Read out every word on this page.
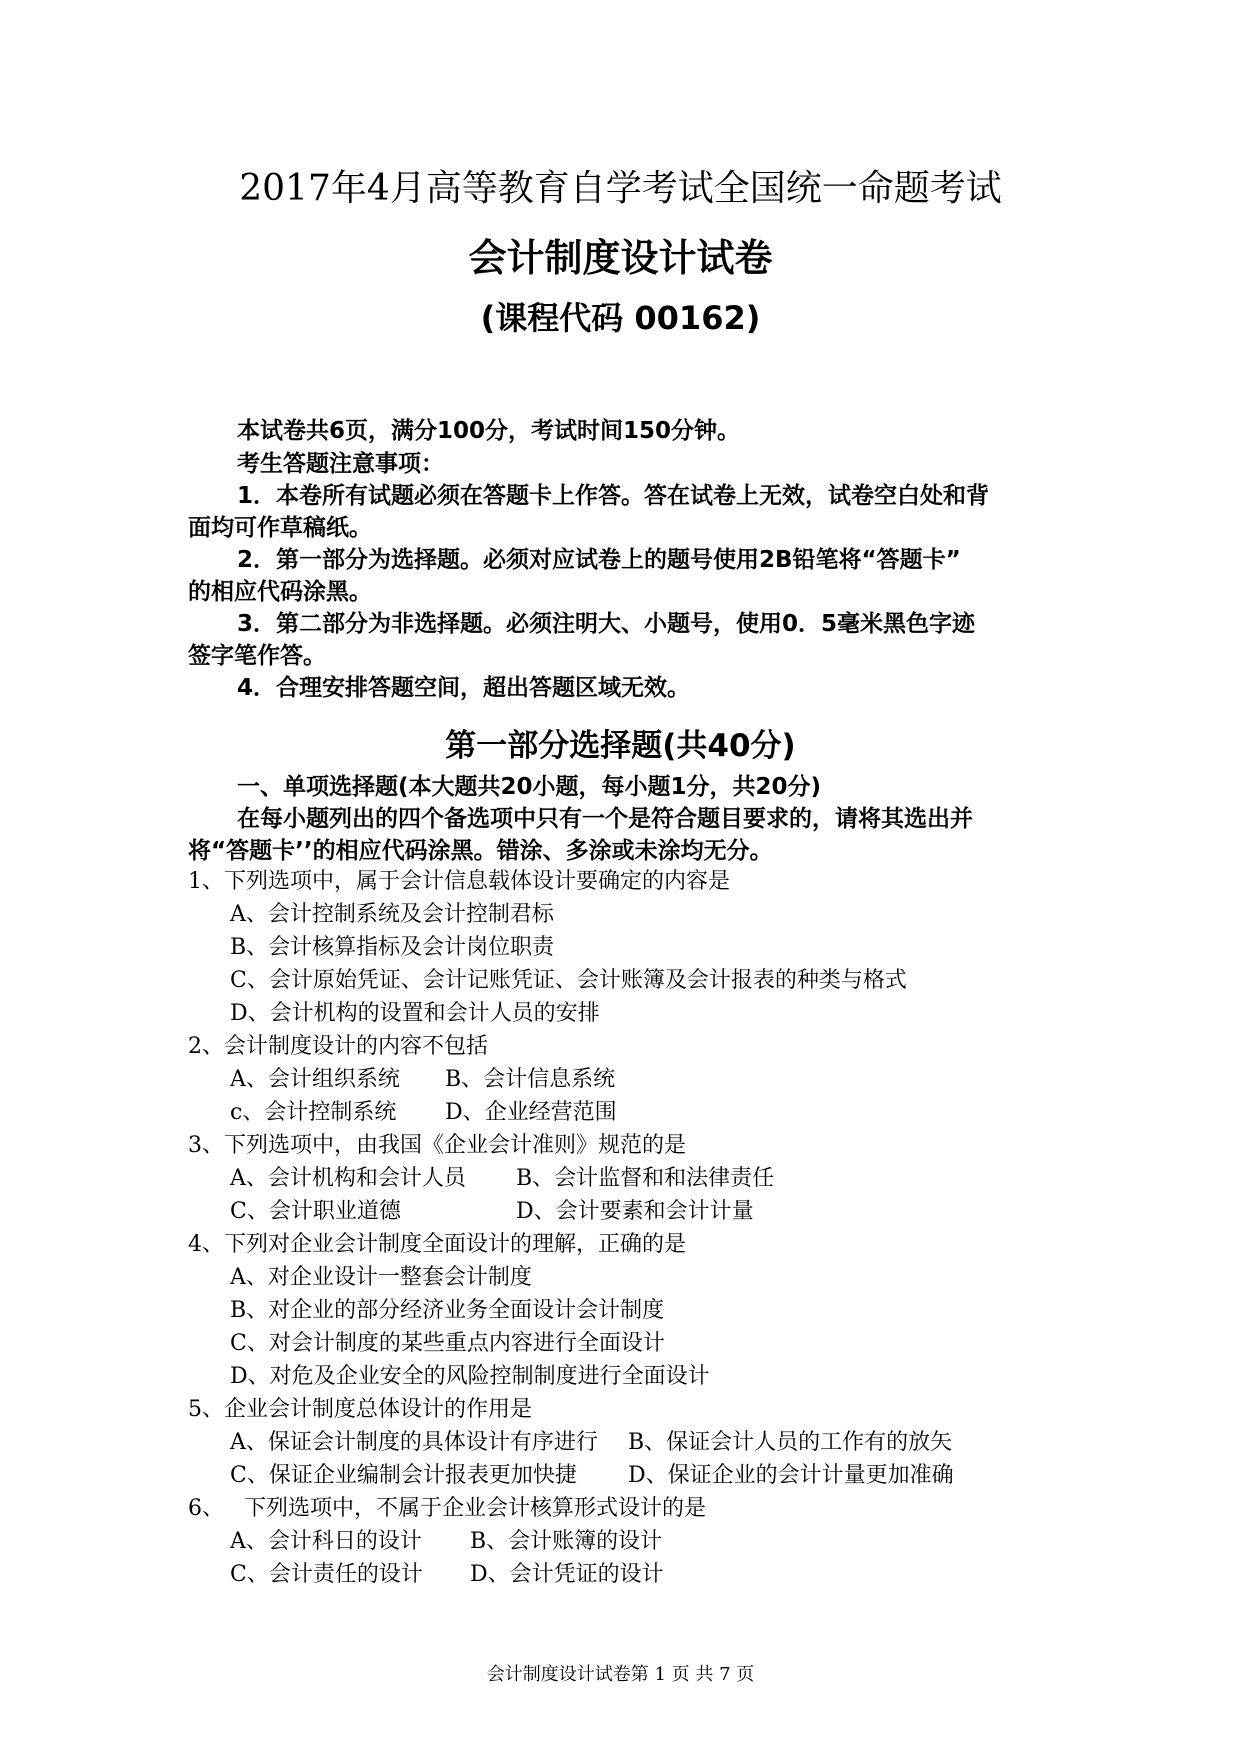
2017年4月高等教育自学考试全国统一命题考试
会计制度设计试卷
(课程代码 00162)
本试卷共6页，满分100分，考试时间150分钟。
考生答题注意事项：
1．本卷所有试题必须在答题卡上作答。答在试卷上无效，试卷空白处和背
面均可作草稿纸。
2．第一部分为选择题。必须对应试卷上的题号使用2B铅笔将“答题卡”
的相应代码涂黑。
3．第二部分为非选择题。必须注明大、小题号，使用0．5毫米黑色字迹
签字笔作答。
4．合理安排答题空间，超出答题区域无效。
第一部分选择题(共40分)
一、单项选择题(本大题共20小题，每小题1分，共20分)
在每小题列出的四个备选项中只有一个是符合题目要求的，请将其选出并
将“答题卡’’的相应代码涂黑。错涂、多涂或未涂均无分。
1、下列选项中，属于会计信息载体设计要确定的内容是
A、会计控制系统及会计控制君标
B、会计核算指标及会计岗位职责
C、会计原始凭证、会计记账凭证、会计账簿及会计报表的种类与格式
D、会计机构的设置和会计人员的安排
2、会计制度设计的内容不包括
A、会计组织系统 B、会计信息系统
c、会计控制系统 D、企业经营范围
3、下列选项中，由我国《企业会计准则》规范的是
A、会计机构和会计人员 B、会计监督和和法律责任
C、会计职业道德	D、会计要素和会计计量
4、下列对企业会计制度全面设计的理解，正确的是
A、对企业设计一整套会计制度
B、对企业的部分经济业务全面设计会计制度
C、对会计制度的某些重点内容进行全面设计
D、对危及企业安全的风险控制制度进行全面设计
5、企业会计制度总体设计的作用是
A、保证会计制度的具体设计有序进行 B、保证会计人员的工作有的放矢
C、保证企业编制会计报表更加快捷 D、保证企业的会计计量更加准确
6、 下列选项中，不属于企业会计核算形式设计的是
A、会计科日的设计 B、会计账簿的设计
C、会计责任的设计 D、会计凭证的设计
会计制度设计试卷第 1 页 共 7 页
